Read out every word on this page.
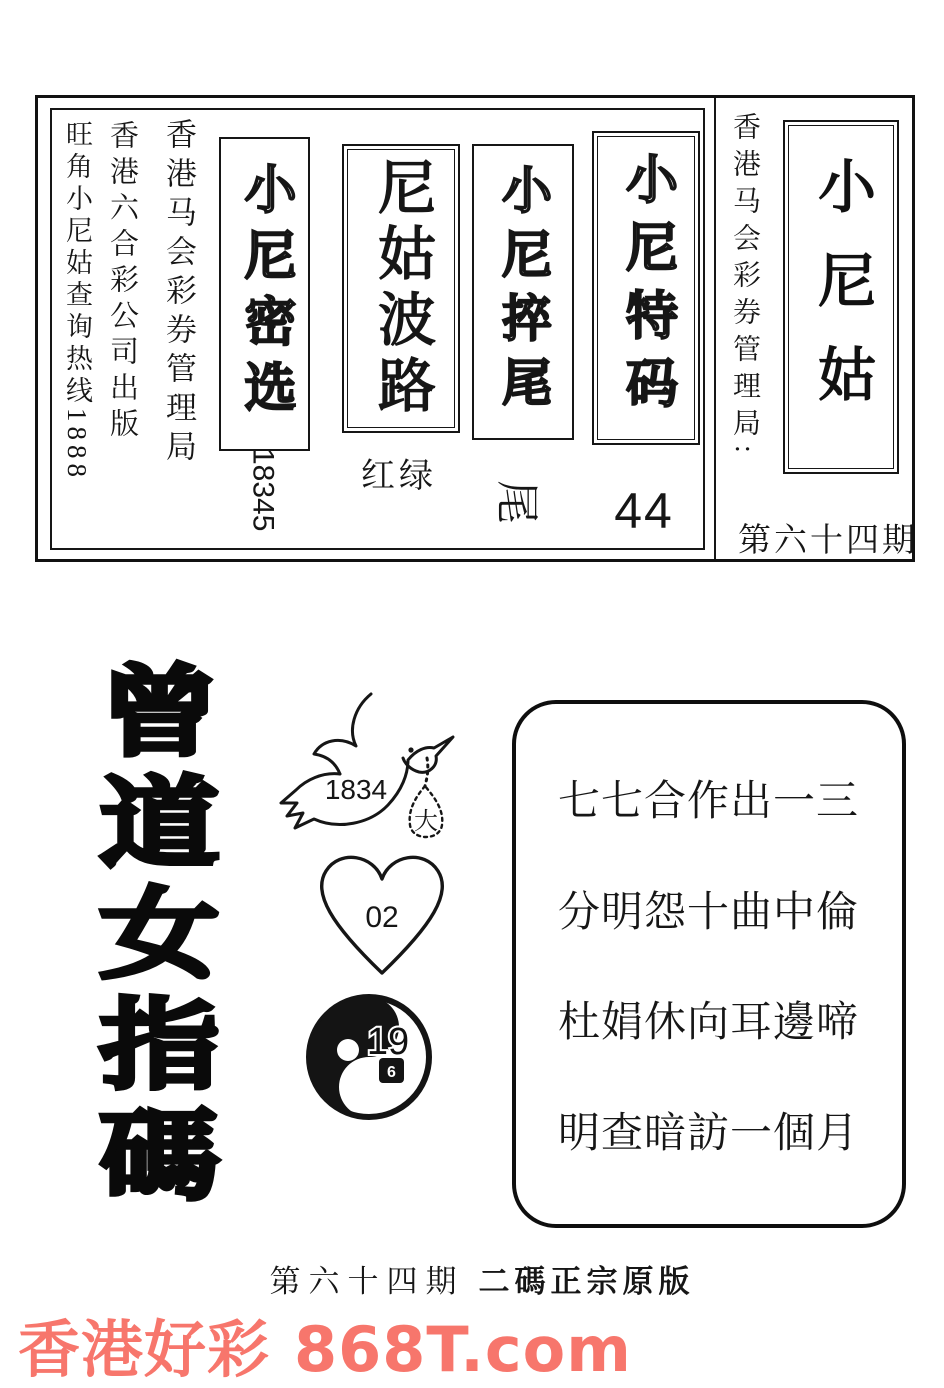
旺角小尼姑查询热线1888 香港六合彩公司出版 香港马会彩券管理局 小尼密选	尼姑波路	小尼捽尾	小尼特码
18345	红绿
尾	44
香港马会彩券管理局: 小尼姑
第六十四期
曾道女指碼	1834
大
02
6
19
七七合作出一三
分明怨十曲中倫
杜娟休向耳邊啼
明查暗訪一個月
第六十四期 二碼正宗原版
香港好彩 868T.com
